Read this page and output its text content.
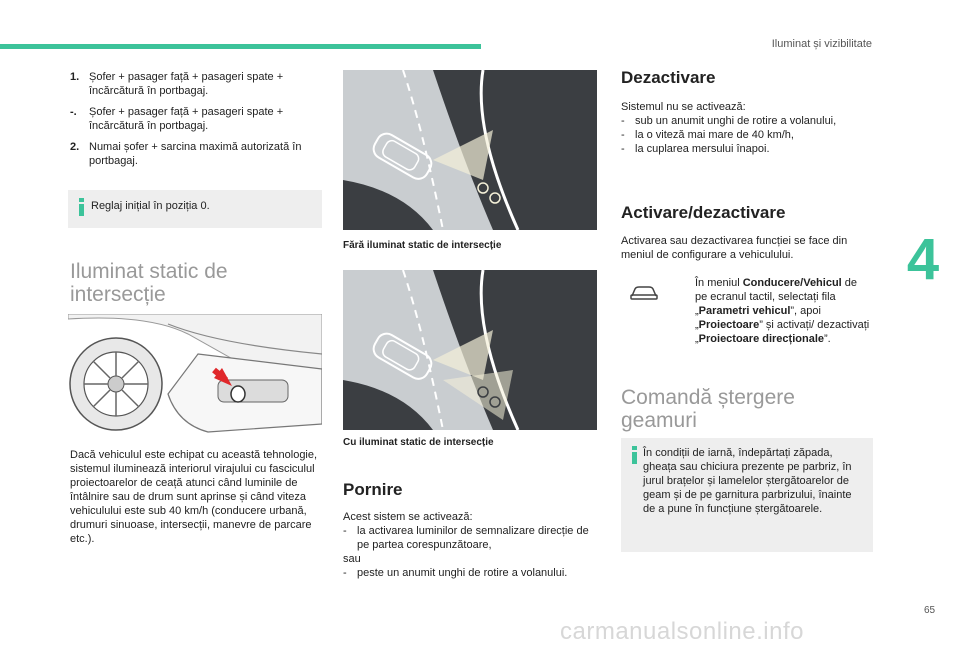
Iluminat și vizibilitate
4
1. Șofer + pasager față + pasageri spate + încărcătură în portbagaj.
-.	Șofer + pasager față + pasageri spate + încărcătură în portbagaj.
2. Numai șofer + sarcina maximă autorizată în portbagaj.
Reglaj inițial în poziția 0.
Iluminat static de
intersecție
Dacă vehiculul este echipat cu această tehnologie, sistemul iluminează interiorul virajului cu fasciculul proiectoarelor de ceață atunci când luminile de întâlnire sau de drum sunt aprinse și când viteza vehiculului este sub 40 km/h (conducere urbană, drumuri sinuoase, intersecții, manevre de parcare etc.).
Fără iluminat static de intersecție
Cu iluminat static de intersecție
Pornire
Acest sistem se activează:
- la activarea luminilor de semnalizare direcție de pe partea corespunzătoare,
sau
- peste un anumit unghi de rotire a volanului.
Dezactivare
Sistemul nu se activează:
- sub un anumit unghi de rotire a volanului,
- la o viteză mai mare de 40 km/h,
- la cuplarea mersului înapoi.
Activare/dezactivare
Activarea sau dezactivarea funcției se face din meniul de configurare a vehiculului.
În meniul Conducere/Vehicul de pe ecranul tactil, selectați fila „Parametri vehicul”, apoi „Proiectoare” și activați/ dezactivați „Proiectoare direcționale”.
Comandă ștergere
geamuri
În condiții de iarnă, îndepărtați zăpada, gheața sau chiciura prezente pe parbriz, în jurul brațelor și lamelelor ștergătoarelor de geam și de pe garnitura parbrizului, înainte de a pune în funcțiune ștergătoarele.
65
carmanualsonline.info
